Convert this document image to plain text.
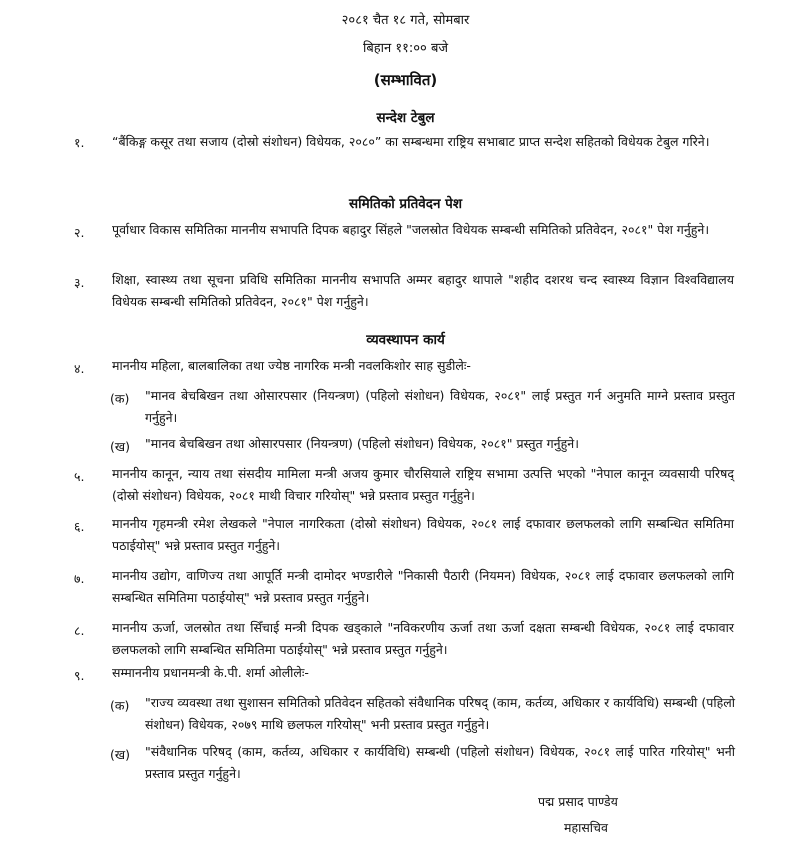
२०८१ चैत १८ गते, सोमबार
बिहान ११:०० बजे
(सम्भावित)
सन्देश टेबुल
१. “बैंकिङ्ग कसूर तथा सजाय (दोस्रो संशोधन) विधेयक, २०८०” का सम्बन्धमा राष्ट्रिय सभाबाट प्राप्त सन्देश सहितको विधेयक टेबुल गरिने।
समितिको प्रतिवेदन पेश
२. पूर्वाधार विकास समितिका माननीय सभापति दिपक बहादुर सिंहले "जलस्रोत विधेयक सम्बन्धी समितिको प्रतिवेदन, २०८१" पेश गर्नुहुने।
३. शिक्षा, स्वास्थ्य तथा सूचना प्रविधि समितिका माननीय सभापति अम्मर बहादुर थापाले "शहीद दशरथ चन्द स्वास्थ्य विज्ञान विश्वविद्यालय विधेयक सम्बन्धी समितिको प्रतिवेदन, २०८१" पेश गर्नुहुने।
व्यवस्थापन कार्य
४. माननीय महिला, बालबालिका तथा ज्येष्ठ नागरिक मन्त्री नवलकिशोर साह सुडीलेः-
(क) "मानव बेचबिखन तथा ओसारपसार (नियन्त्रण) (पहिलो संशोधन) विधेयक, २०८१" लाई प्रस्तुत गर्न अनुमति माग्ने प्रस्ताव प्रस्तुत गर्नुहुने।
(ख) "मानव बेचबिखन तथा ओसारपसार (नियन्त्रण) (पहिलो संशोधन) विधेयक, २०८१" प्रस्तुत गर्नुहुने।
५. माननीय कानून, न्याय तथा संसदीय मामिला मन्त्री अजय कुमार चौरसियाले राष्ट्रिय सभामा उत्पत्ति भएको "नेपाल कानून व्यवसायी परिषद् (दोस्रो संशोधन) विधेयक, २०८१ माथी विचार गरियोस्" भन्ने प्रस्ताव प्रस्तुत गर्नुहुने।
६. माननीय गृहमन्त्री रमेश लेखकले "नेपाल नागरिकता (दोस्रो संशोधन) विधेयक, २०८१ लाई दफावार छलफलको लागि सम्बन्धित समितिमा पठाईयोस्" भन्ने प्रस्ताव प्रस्तुत गर्नुहुने।
७. माननीय उद्योग, वाणिज्य तथा आपूर्ति मन्त्री दामोदर भण्डारीले "निकासी पैठारी (नियमन) विधेयक, २०८१ लाई दफावार छलफलको लागि सम्बन्धित समितिमा पठाईयोस्" भन्ने प्रस्ताव प्रस्तुत गर्नुहुने।
८. माननीय ऊर्जा, जलस्रोत तथा सिँचाई मन्त्री दिपक खड्काले "नविकरणीय ऊर्जा तथा ऊर्जा दक्षता सम्बन्धी विधेयक, २०८१ लाई दफावार छलफलको लागि सम्बन्धित समितिमा पठाईयोस्" भन्ने प्रस्ताव प्रस्तुत गर्नुहुने।
९. सम्माननीय प्रधानमन्त्री के.पी. शर्मा ओलीलेः-
(क) "राज्य व्यवस्था तथा सुशासन समितिको प्रतिवेदन सहितको संवैधानिक परिषद् (काम, कर्तव्य, अधिकार र कार्यविधि) सम्बन्धी (पहिलो संशोधन) विधेयक, २०७९ माथि छलफल गरियोस्" भनी प्रस्ताव प्रस्तुत गर्नुहुने।
(ख) "संवैधानिक परिषद् (काम, कर्तव्य, अधिकार र कार्यविधि) सम्बन्धी (पहिलो संशोधन) विधेयक, २०८१ लाई पारित गरियोस्" भनी प्रस्ताव प्रस्तुत गर्नुहुने।
पद्म प्रसाद पाण्डेय
महासचिव
